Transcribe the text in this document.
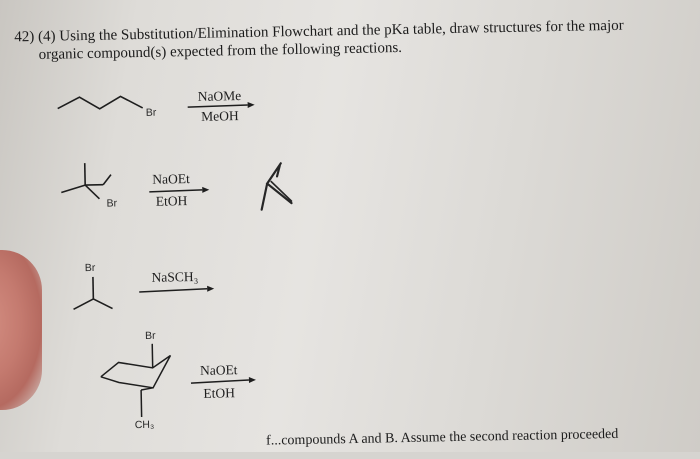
42) (4) Using the Substitution/Elimination Flowchart and the pKa table, draw structures for the major
organic compound(s) expected from the following reactions.
Br
NaOMe
MeOH
Br
NaOEt
EtOH
Br
NaSCH₃
Br
CH₃
NaOEt
EtOH
f...compounds A and B. Assume the second reaction proceeded
